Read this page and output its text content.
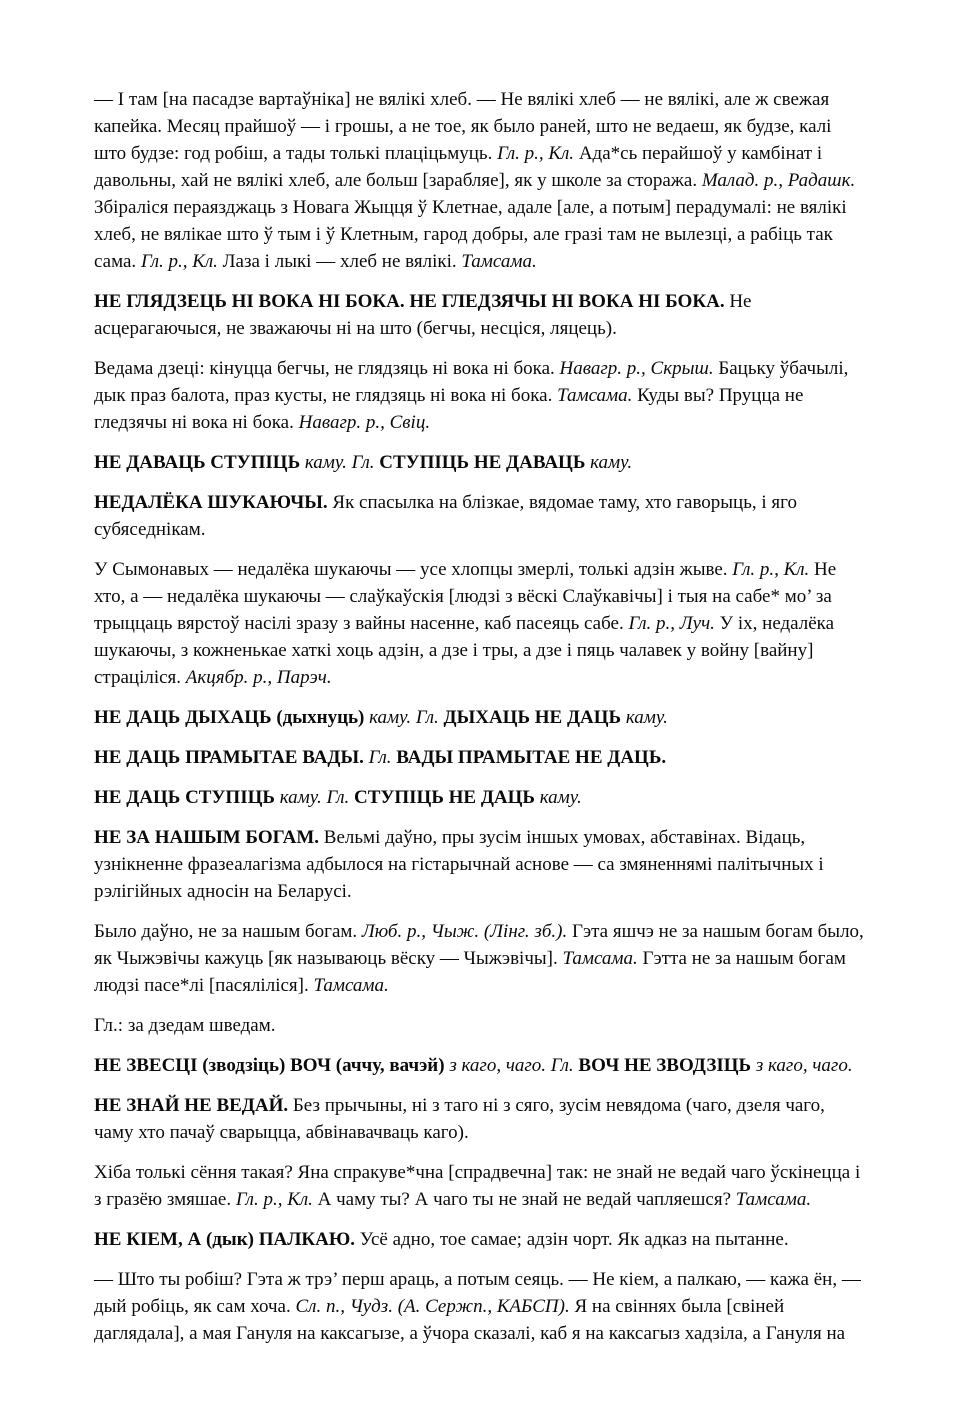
— І там [на пасадзе вартаўніка] не вялікі хлеб. — Не вялікі хлеб — не вялікі, але ж свежая капейка. Месяц прайшоў — і грошы, а не тое, як было раней, што не ведаеш, як будзе, калі што будзе: год робіш, а тады толькі плаціцьмуць. Гл. р., Кл. Ада*сь перайшоў у камбінат і давольны, хай не вялікі хлеб, але больш [зарабляе], як у школе за стоража. Малад. р., Радашк. Збіраліся пераязджаць з Новага Жыцця ў Клетнае, адале [але, а потым] перадумалі: не вялікі хлеб, не вялікае што ў тым і ў Клетным, гарод добры, але гразі там не вылезці, а рабіць так сама. Гл. р., Кл. Лаза і лыкі — хлеб не вялікі. Тамсама.

НЕ ГЛЯДЗЕЦЬ НІ ВОКА НІ БОКА. НЕ ГЛЕДЗЯЧЫ НІ ВОКА НІ БОКА. Не асцерагаючыся, не зважаючы ні на што (бегчы, несціся, ляцець).

Ведама дзеці: кінуцца бегчы, не глядзяць ні вока ні бока. Навагр. р., Скрыш. Бацьку ўбачылі, дык праз балота, праз кусты, не глядзяць ні вока ні бока. Тамсама. Куды вы? Пруцца не гледзячы ні вока ні бока. Навагр. р., Свіц.

НЕ ДАВАЦЬ СТУПІЦЬ каму. Гл. СТУПІЦЬ НЕ ДАВАЦЬ каму.

НЕДАЛЁКА ШУКАЮЧЫ. Як спасылка на блізкае, вядомае таму, хто гаворыць, і яго субяседнікам.

У Сымонавых — недалёка шукаючы — усе хлопцы змерлі, толькі адзін жыве. Гл. р., Кл. Не хто, а — недалёка шукаючы — слаўкаўскія [людзі з вёскі Слаўкавічы] і тыя на сабе* мо’ за трыццаць вярстоў насілі зразу з вайны насенне, каб пасеяць сабе. Гл. р., Луч. У іх, недалёка шукаючы, з кожненькае хаткі хоць адзін, а дзе і тры, а дзе і пяць чалавек у войну [вайну] страціліся. Акцябр. р., Парэч.

НЕ ДАЦЬ ДЫХАЦЬ (дыхнуць) каму. Гл. ДЫХАЦЬ НЕ ДАЦЬ каму.

НЕ ДАЦЬ ПРАМЫТАЕ ВАДЫ. Гл. ВАДЫ ПРАМЫТАЕ НЕ ДАЦЬ.

НЕ ДАЦЬ СТУПІЦЬ каму. Гл. СТУПІЦЬ НЕ ДАЦЬ каму.

НЕ ЗА НАШЫМ БОГАМ. Вельмі даўно, пры зусім іншых умовах, абставінах. Відаць, узнікненне фразеалагізма адбылося на гістарычнай аснове — са змяненнямі палітычных і рэлігійных адносін на Беларусі.

Было даўно, не за нашым богам. Люб. р., Чыж. (Лінг. зб.). Гэта яшчэ не за нашым богам было, як Чыжэвічы кажуць [як называюць вёску — Чыжэвічы]. Тамсама. Гэтта не за нашым богам людзі пасе*лі [пасяліліся]. Тамсама.

Гл.: за дзедам шведам.

НЕ ЗВЕСЦІ (зводзіць) ВОЧ (аччу, вачэй) з каго, чаго. Гл. ВОЧ НЕ ЗВОДЗІЦЬ з каго, чаго.

НЕ ЗНАЙ НЕ ВЕДАЙ. Без прычыны, ні з таго ні з сяго, зусім невядома (чаго, дзеля чаго, чаму хто пачаў сварыцца, абвінавачваць каго).

Хіба толькі сёння такая? Яна спракуве*чна [спрадвечна] так: не знай не ведай чаго ўскінецца і з гразёю змяшае. Гл. р., Кл. А чаму ты? А чаго ты не знай не ведай чапляешся? Тамсама.

НЕ КІЕМ, А (дык) ПАЛКАЮ. Усё адно, тое самае; адзін чорт. Як адказ на пытанне.

— Што ты робіш? Гэта ж трэ’ перш араць, а потым сеяць. — Не кіем, а палкаю, — кажа ён, — дый робіць, як сам хоча. Сл. п., Чудз. (А. Сержп., КАБСП). Я на свіннях была [свіней даглядала], а мая Гануля на каксагызе, а ўчора сказалі, каб я на каксагыз хадзіла, а Гануля на
